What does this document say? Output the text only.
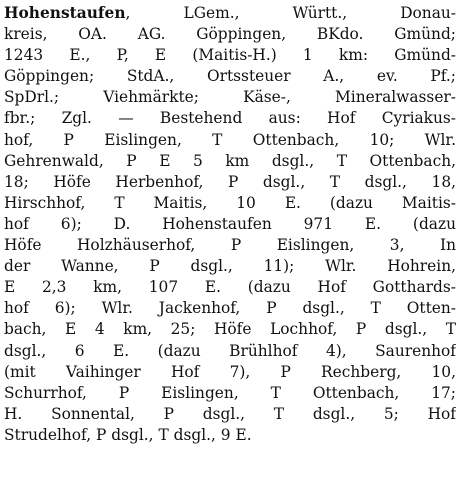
Hohenstaufen, LGem., Württ., Donau-
kreis, OA. AG. Göppingen, BKdo. Gmünd;
1243 E., P, E (Maitis-H.) 1 km: Gmünd-
Göppingen; StdA., Ortssteuer A., ev. Pf.;
SpDrl.; Viehmärkte; Käse-, Mineralwasser-
fbr.; Zgl. — Bestehend aus: Hof Cyriakus-
hof, P Eislingen, T Ottenbach, 10; Wlr.
Gehrenwald, P E 5 km dsgl., T Ottenbach,
18; Höfe Herbenhof, P dsgl., T dsgl., 18,
Hirschhof, T Maitis, 10 E. (dazu Maitis-
hof 6); D. Hohenstaufen 971 E. (dazu
Höfe Holzhäuserhof, P Eislingen, 3, In
der Wanne, P dsgl., 11); Wlr. Hohrein,
E 2,3 km, 107 E. (dazu Hof Gotthards-
hof 6); Wlr. Jackenhof, P dsgl., T Otten-
bach, E 4 km, 25; Höfe Lochhof, P dsgl., T
dsgl., 6 E. (dazu Brühlhof 4), Saurenhof
(mit Vaihinger Hof 7), P Rechberg, 10,
Schurrhof, P Eislingen, T Ottenbach, 17;
H. Sonnental, P dsgl., T dsgl., 5; Hof
Strudelhof, P dsgl., T dsgl., 9 E.
